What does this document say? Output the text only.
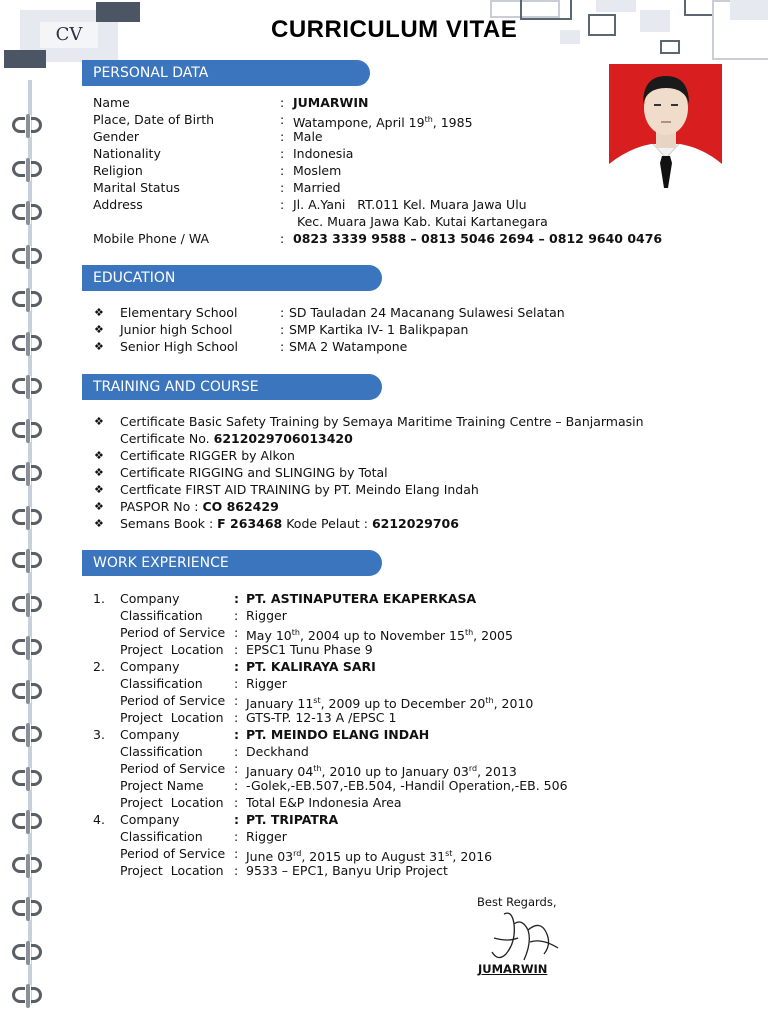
CV	CURRICULUM VITAE
PERSONAL DATA
Name	: JUMARWIN
Place, Date of Birth	: Watampone, April 19th, 1985
Gender	: Male
Nationality	: Indonesia
Religion	: Moslem
Marital Status	: Married
Address	: Jl. A.Yani   RT.011 Kel. Muara Jawa Ulu
Kec. Muara Jawa Kab. Kutai Kartanegara
Mobile Phone / WA	: 0823 3339 9588 – 0813 5046 2694 – 0812 9640 0476
EDUCATION
❖ Elementary School	: SD Tauladan 24 Macanang Sulawesi Selatan
❖ Junior high School	: SMP Kartika IV- 1 Balikpapan
❖ Senior High School	: SMA 2 Watampone
TRAINING AND COURSE
❖ Certificate Basic Safety Training by Semaya Maritime Training Centre – Banjarmasin
Certificate No. 6212029706013420
❖ Certificate RIGGER by Alkon
❖ Certificate RIGGING and SLINGING by Total
❖ Certficate FIRST AID TRAINING by PT. Meindo Elang Indah
❖ PASPOR No : CO 862429
❖ Semans Book : F 263468 Kode Pelaut : 6212029706
WORK EXPERIENCE
1. Company	: PT. ASTINAPUTERA EKAPERKASA
Classification	: Rigger
Period of Service : May 10th, 2004 up to November 15th, 2005
Project  Location : EPSC1 Tunu Phase 9
2. Company	: PT. KALIRAYA SARI
Classification	: Rigger
Period of Service : January 11st, 2009 up to December 20th, 2010
Project  Location : GTS-TP. 12-13 A /EPSC 1
3. Company	: PT. MEINDO ELANG INDAH
Classification	: Deckhand
Period of Service : January 04th, 2010 up to January 03rd, 2013
Project Name : -Golek,-EB.507,-EB.504, -Handil Operation,-EB. 506
Project  Location : Total E&P Indonesia Area
4. Company	: PT. TRIPATRA
Classification	: Rigger
Period of Service : June 03rd, 2015 up to August 31st, 2016
Project  Location : 9533 – EPC1, Banyu Urip Project
Best Regards,
JUMARWIN
